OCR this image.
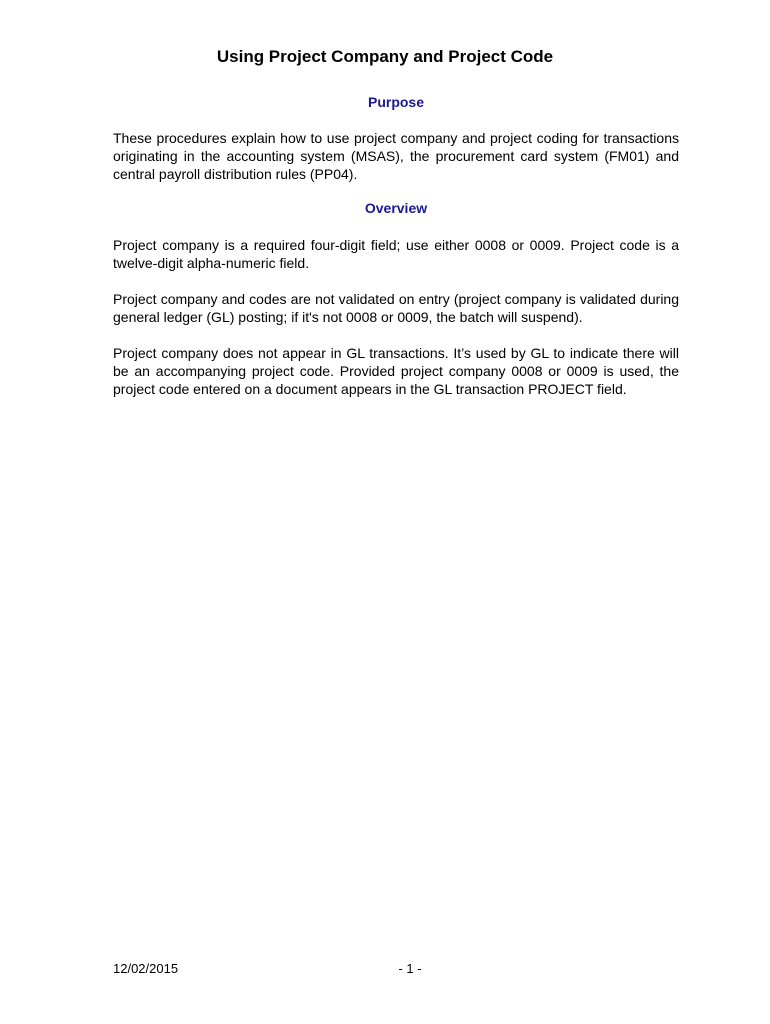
Using Project Company and Project Code
Purpose

These procedures explain how to use project company and project coding for transactions originating in the accounting system (MSAS), the procurement card system (FM01) and central payroll distribution rules (PP04).

Overview

Project company is a required four-digit field; use either 0008 or 0009. Project code is a twelve-digit alpha-numeric field.

Project company and codes are not validated on entry (project company is validated during general ledger (GL) posting; if it's not 0008 or 0009, the batch will suspend).

Project company does not appear in GL transactions. It’s used by GL to indicate there will be an accompanying project code. Provided project company 0008 or 0009 is used, the project code entered on a document appears in the GL transaction PROJECT field.

12/02/2015	- 1 -
